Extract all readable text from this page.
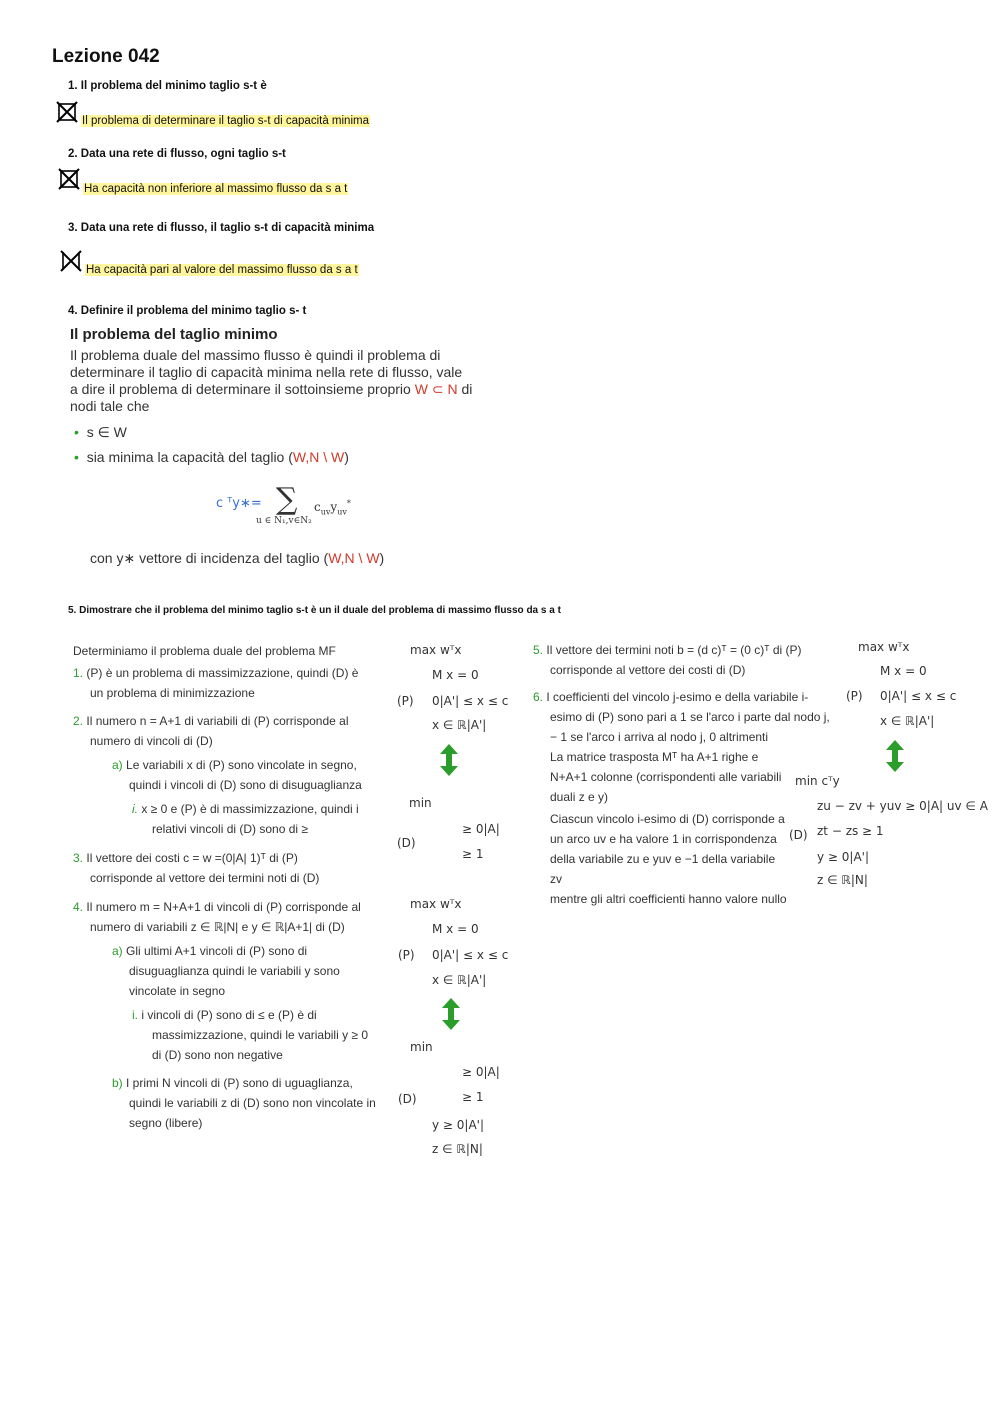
Lezione 042
1. Il problema del minimo taglio s-t è
Il problema di determinare il taglio s-t di capacità minima
2. Data una rete di flusso, ogni taglio s-t
Ha capacità non inferiore al massimo flusso da s a t
3. Data una rete di flusso, il taglio s-t di capacità minima
Ha capacità pari al valore del massimo flusso da s a t
4. Definire il problema del minimo taglio s- t
Il problema del taglio minimo
Il problema duale del massimo flusso è quindi il problema di
determinare il taglio di capacità minima nella rete di flusso, vale
a dire il problema di determinare il sottoinsieme proprio W ⊂ N di
nodi tale che
• s ∈ W
• sia minima la capacità del taglio (W,N \ W)
c ᵀy∗= ∑
u ∈ N₁,v∈N₂
$c_{uv}y_{uv}^*$
con y∗ vettore di incidenza del taglio (W,N \ W)
5. Dimostrare che il problema del minimo taglio s-t è un il duale del problema di massimo flusso da s a t
Determiniamo il problema duale del problema MF
1. (P) è un problema di massimizzazione, quindi (D) è
un problema di minimizzazione
2. Il numero n = A+1 di variabili di (P) corrisponde al
numero di vincoli di (D)
a) Le variabili x di (P) sono vincolate in segno,
quindi i vincoli di (D) sono di disuguaglianza
i. x ≥ 0 e (P) è di massimizzazione, quindi i
relativi vincoli di (D) sono di ≥
3. Il vettore dei costi c = w =(0|A| 1)ᵀ di (P)
corrisponde al vettore dei termini noti di (D)
4. Il numero m = N+A+1 di vincoli di (P) corrisponde al
numero di variabili z ∈ ℝ|N| e y ∈ ℝ|A+1| di (D)
a) Gli ultimi A+1 vincoli di (P) sono di
disuguaglianza quindi le variabili y sono
vincolate in segno
i. i vincoli di (P) sono di ≤ e (P) è di
massimizzazione, quindi le variabili y ≥ 0
di (D) sono non negative
b) I primi N vincoli di (P) sono di uguaglianza,
quindi le variabili z di (D) sono non vincolate in
segno (libere)
max wᵀx
M x = 0
(P) 0|A'| ≤ x ≤ c
x ∈ ℝ|A'|
min
≥ 0|A|
(D)
≥ 1
max wᵀx
M x = 0
(P) 0|A'| ≤ x ≤ c
x ∈ ℝ|A'|
min
≥ 0|A|
(D)	≥ 1
y ≥ 0|A'|
z ∈ ℝ|N|
5. Il vettore dei termini noti b = (d c)ᵀ = (0 c)ᵀ di (P)
corrisponde al vettore dei costi di (D)
6. I coefficienti del vincolo j-esimo e della variabile i-
esimo di (P) sono pari a 1 se l'arco i parte dal nodo j,
− 1 se l'arco i arriva al nodo j, 0 altrimenti
La matrice trasposta Mᵀ ha A+1 righe e
N+A+1 colonne (corrispondenti alle variabili
duali z e y)
Ciascun vincolo i-esimo di (D) corrisponde a
un arco uv e ha valore 1 in corrispondenza
della variabile zu e yuv e −1 della variabile zv
mentre gli altri coefficienti hanno valore nullo
max wᵀx
M x = 0
(P) 0|A'| ≤ x ≤ c
x ∈ ℝ|A'|
min cᵀy
zu − zv + yuv ≥ 0|A| uv ∈ A
(D) zt − zs ≥ 1
y ≥ 0|A'|
z ∈ ℝ|N|
